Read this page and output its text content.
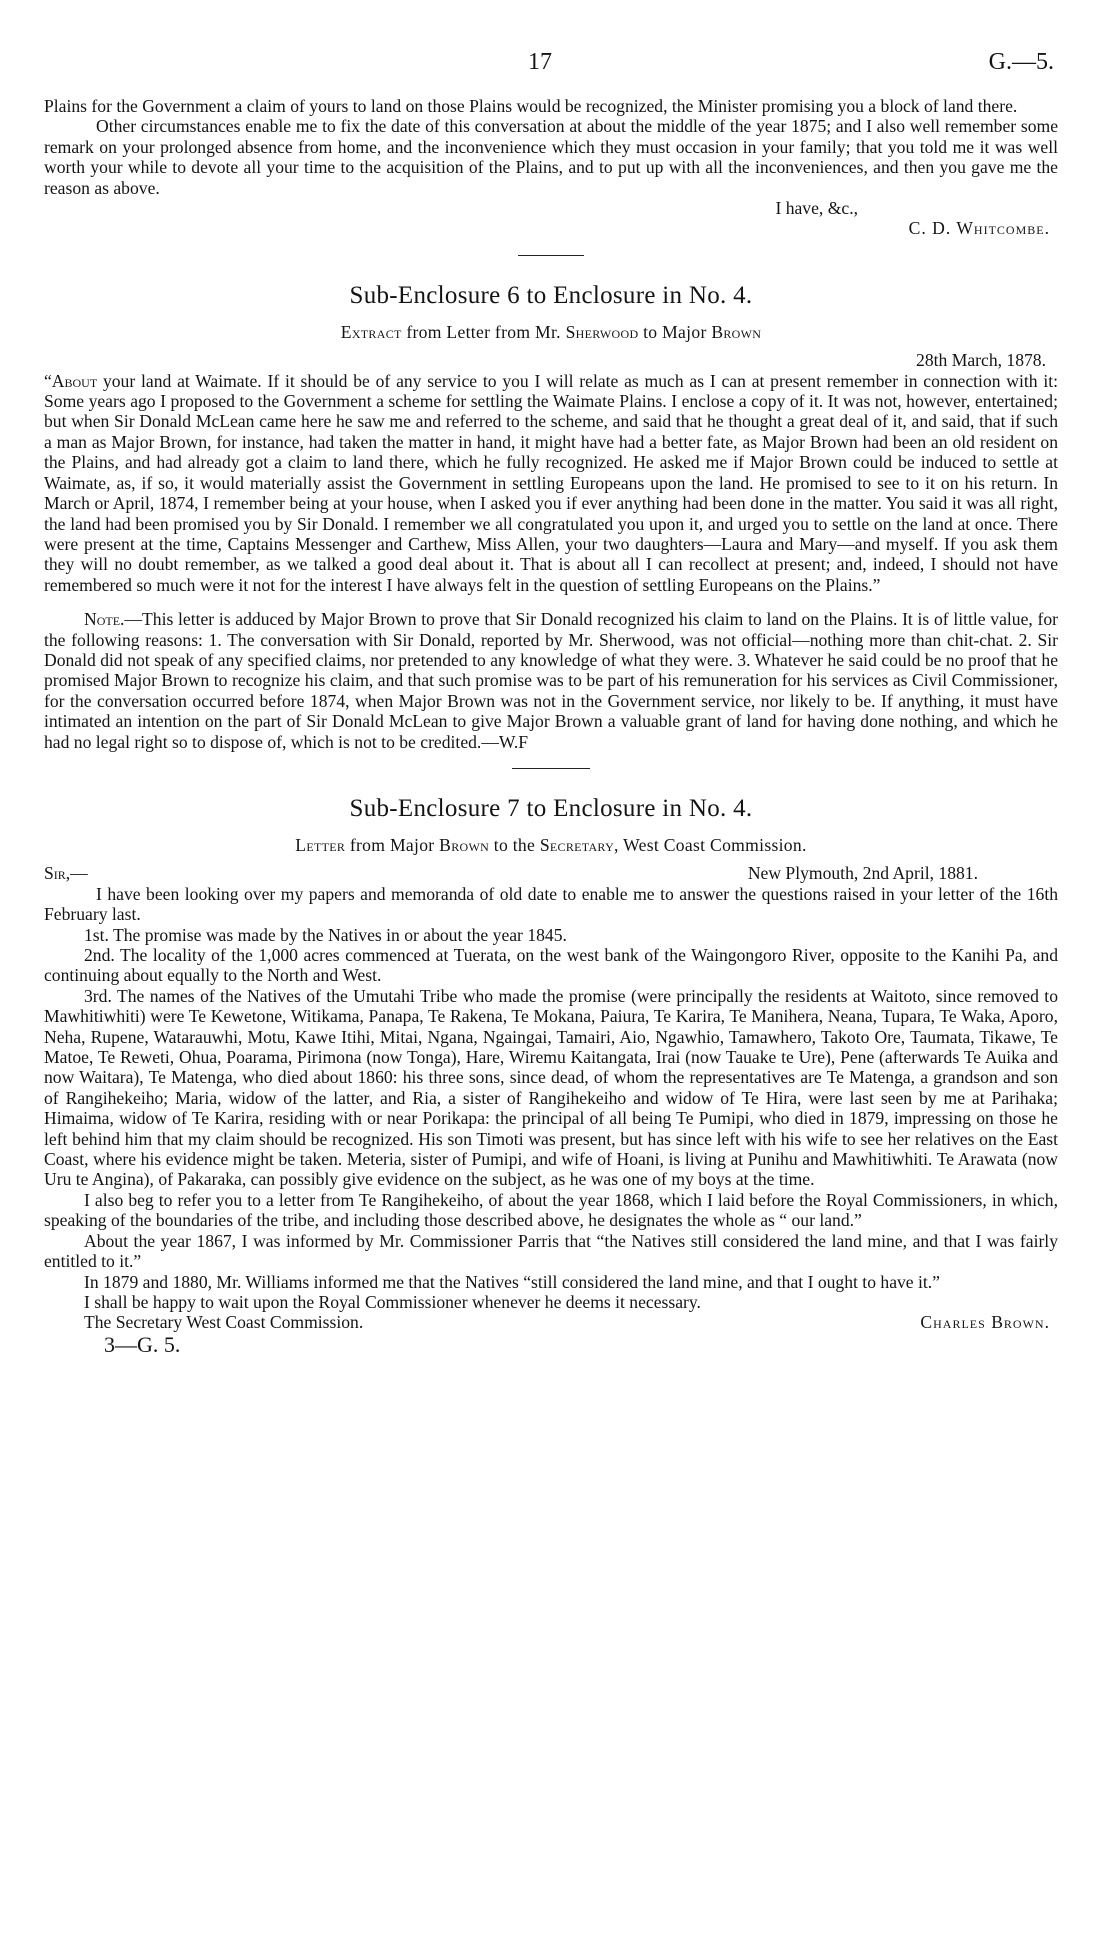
17	G.—5.

Plains for the Government a claim of yours to land on those Plains would be recognized, the Minister promising you a block of land there.

Other circumstances enable me to fix the date of this conversation at about the middle of the year 1875; and I also well remember some remark on your prolonged absence from home, and the inconvenience which they must occasion in your family; that you told me it was well worth your while to devote all your time to the acquisition of the Plains, and to put up with all the inconveniences, and then you gave me the reason as above.

I have, &c.,
C. D. Whitcombe.
Sub-Enclosure 6 to Enclosure in No. 4.
Extract from Letter from Mr. Sherwood to Major Brown
28th March, 1878.

“About your land at Waimate. If it should be of any service to you I will relate as much as I can at present remember in connection with it: Some years ago I proposed to the Government a scheme for settling the Waimate Plains. I enclose a copy of it. It was not, however, entertained; but when Sir Donald McLean came here he saw me and referred to the scheme, and said that he thought a great deal of it, and said, that if such a man as Major Brown, for instance, had taken the matter in hand, it might have had a better fate, as Major Brown had been an old resident on the Plains, and had already got a claim to land there, which he fully recognized. He asked me if Major Brown could be induced to settle at Waimate, as, if so, it would materially assist the Government in settling Europeans upon the land. He promised to see to it on his return. In March or April, 1874, I remember being at your house, when I asked you if ever anything had been done in the matter. You said it was all right, the land had been promised you by Sir Donald. I remember we all congratulated you upon it, and urged you to settle on the land at once. There were present at the time, Captains Messenger and Carthew, Miss Allen, your two daughters—Laura and Mary—and myself. If you ask them they will no doubt remember, as we talked a good deal about it. That is about all I can recollect at present; and, indeed, I should not have remembered so much were it not for the interest I have always felt in the question of settling Europeans on the Plains.”

Note.—This letter is adduced by Major Brown to prove that Sir Donald recognized his claim to land on the Plains. It is of little value, for the following reasons: 1. The conversation with Sir Donald, reported by Mr. Sherwood, was not official—nothing more than chit-chat. 2. Sir Donald did not speak of any specified claims, nor pretended to any knowledge of what they were. 3. Whatever he said could be no proof that he promised Major Brown to recognize his claim, and that such promise was to be part of his remuneration for his services as Civil Commissioner, for the conversation occurred before 1874, when Major Brown was not in the Government service, nor likely to be. If anything, it must have intimated an intention on the part of Sir Donald McLean to give Major Brown a valuable grant of land for having done nothing, and which he had no legal right so to dispose of, which is not to be credited.—W.F

Sub-Enclosure 7 to Enclosure in No. 4.
Letter from Major Brown to the Secretary, West Coast Commission.
Sir,—	New Plymouth, 2nd April, 1881.

I have been looking over my papers and memoranda of old date to enable me to answer the questions raised in your letter of the 16th February last.

1st. The promise was made by the Natives in or about the year 1845.

2nd. The locality of the 1,000 acres commenced at Tuerata, on the west bank of the Waingongoro River, opposite to the Kanihi Pa, and continuing about equally to the North and West.

3rd. The names of the Natives of the Umutahi Tribe who made the promise (were principally the residents at Waitoto, since removed to Mawhitiwhiti) were Te Kewetone, Witikama, Panapa, Te Rakena, Te Mokana, Paiura, Te Karira, Te Manihera, Neana, Tupara, Te Waka, Aporo, Neha, Rupene, Watarauwhi, Motu, Kawe Itihi, Mitai, Ngana, Ngaingai, Tamairi, Aio, Ngawhio, Tamawhero, Takoto Ore, Taumata, Tikawe, Te Matoe, Te Reweti, Ohua, Poarama, Pirimona (now Tonga), Hare, Wiremu Kaitangata, Irai (now Tauake te Ure), Pene (afterwards Te Auika and now Waitara), Te Matenga, who died about 1860: his three sons, since dead, of whom the representatives are Te Matenga, a grandson and son of Rangihekeiho; Maria, widow of the latter, and Ria, a sister of Rangihekeiho and widow of Te Hira, were last seen by me at Parihaka; Himaima, widow of Te Karira, residing with or near Porikapa: the principal of all being Te Pumipi, who died in 1879, impressing on those he left behind him that my claim should be recognized. His son Timoti was present, but has since left with his wife to see her relatives on the East Coast, where his evidence might be taken. Meteria, sister of Pumipi, and wife of Hoani, is living at Punihu and Mawhitiwhiti. Te Arawata (now Uru te Angina), of Pakaraka, can possibly give evidence on the subject, as he was one of my boys at the time.

I also beg to refer you to a letter from Te Rangihekeiho, of about the year 1868, which I laid before the Royal Commissioners, in which, speaking of the boundaries of the tribe, and including those described above, he designates the whole as “ our land.”

About the year 1867, I was informed by Mr. Commissioner Parris that “the Natives still considered the land mine, and that I was fairly entitled to it.”

In 1879 and 1880, Mr. Williams informed me that the Natives “still considered the land mine, and that I ought to have it.”

I shall be happy to wait upon the Royal Commissioner whenever he deems it necessary.

The Secretary West Coast Commission.	Charles Brown.
3—G. 5.
